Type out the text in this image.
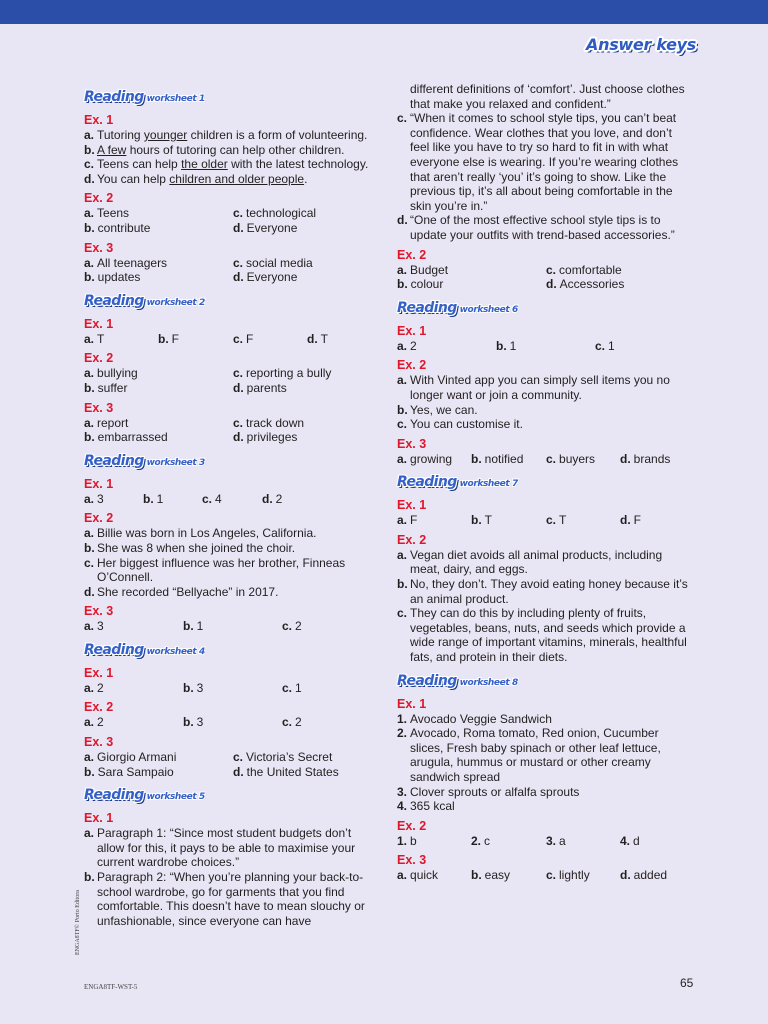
Answer keys
Reading worksheet 1
Ex. 1
a. Tutoring younger children is a form of volunteering.
b. A few hours of tutoring can help other children.
c. Teens can help the older with the latest technology.
d. You can help children and older people.
Ex. 2
a. Teens	c. technological
b. contribute	d. Everyone
Ex. 3
a. All teenagers	c. social media
b. updates	d. Everyone
Reading worksheet 2
Ex. 1
a. T	b. F	c. F	d. T
Ex. 2
a. bullying	c. reporting a bully
b. suffer	d. parents
Ex. 3
a. report	c. track down
b. embarrassed	d. privileges
Reading worksheet 3
Ex. 1
a. 3	b. 1	c. 4	d. 2
Ex. 2
a. Billie was born in Los Angeles, California.
b. She was 8 when she joined the choir.
c. Her biggest influence was her brother, Finneas O’Connell.
d. She recorded “Bellyache” in 2017.
Ex. 3
a. 3	b. 1	c. 2
Reading worksheet 4
Ex. 1
a. 2	b. 3	c. 1
Ex. 2
a. 2	b. 3	c. 2
Ex. 3
a. Giorgio Armani	c. Victoria’s Secret
b. Sara Sampaio	d. the United States
Reading worksheet 5
Ex. 1
a. Paragraph 1: “Since most student budgets don’t allow for this, it pays to be able to maximise your current wardrobe choices.”
b. Paragraph 2: “When you’re planning your back-to-school wardrobe, go for garments that you find comfortable. This doesn’t have to mean slouchy or unfashionable, since everyone can have
different definitions of ‘comfort’. Just choose clothes that make you relaxed and confident.”
c. “When it comes to school style tips, you can’t beat confidence. Wear clothes that you love, and don’t feel like you have to try so hard to fit in with what everyone else is wearing. If you’re wearing clothes that aren’t really ‘you’ it’s going to show. Like the previous tip, it’s all about being comfortable in the skin you’re in.”
d. “One of the most effective school style tips is to update your outfits with trend-based accessories.”
Ex. 2
a. Budget	c. comfortable
b. colour	d. Accessories
Reading worksheet 6
Ex. 1
a. 2	b. 1	c. 1
Ex. 2
a. With Vinted app you can simply sell items you no longer want or join a community.
b. Yes, we can.
c. You can customise it.
Ex. 3
a. growing b. notified c. buyers d. brands
Reading worksheet 7
Ex. 1
a. F	b. T	c. T	d. F
Ex. 2
a. Vegan diet avoids all animal products, including meat, dairy, and eggs.
b. No, they don’t. They avoid eating honey because it’s an animal product.
c. They can do this by including plenty of fruits, vegetables, beans, nuts, and seeds which provide a wide range of important vitamins, minerals, healthful fats, and protein in their diets.
Reading worksheet 8
Ex. 1
1. Avocado Veggie Sandwich
2. Avocado, Roma tomato, Red onion, Cucumber slices, Fresh baby spinach or other leaf lettuce, arugula, hummus or mustard or other creamy sandwich spread
3. Clover sprouts or alfalfa sprouts
4. 365 kcal
Ex. 2
1. b	2. c	3. a	4. d
Ex. 3
a. quick	b. easy	c. lightly	d. added
ENGA8TF© Porto Editora
ENGA8TF-WST-5	65
